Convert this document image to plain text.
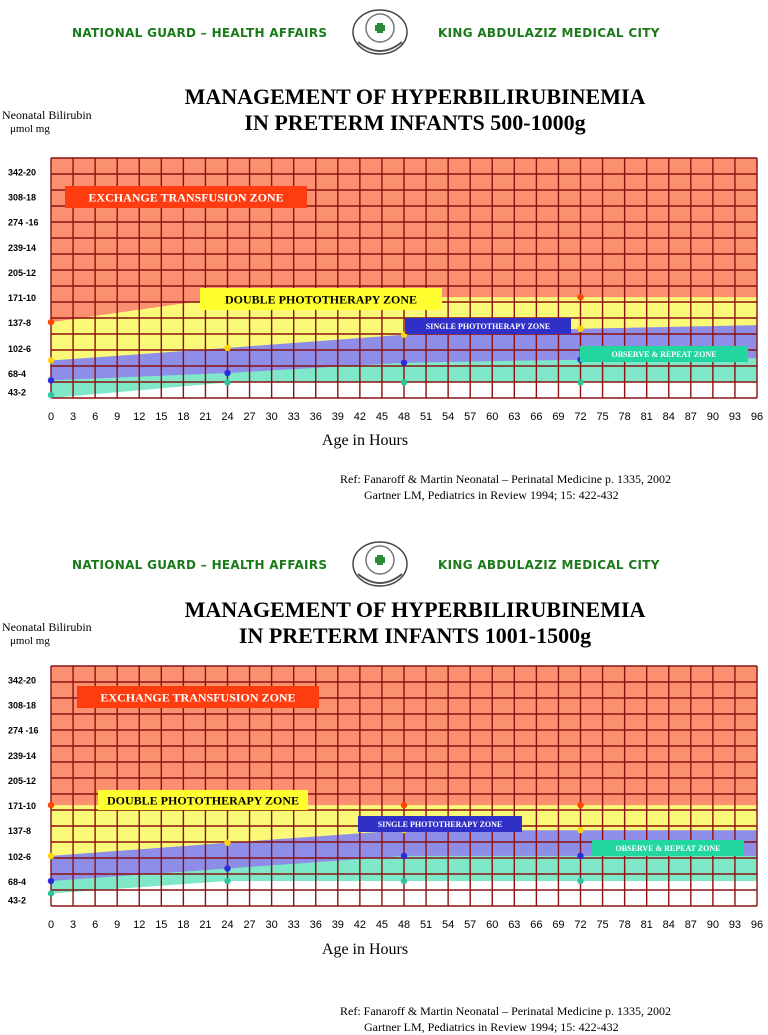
NATIONAL GUARD – HEALTH AFFAIRS	KING ABDULAZIZ MEDICAL CITY
MANAGEMENT OF HYPERBILIRUBINEMIA
IN PRETERM INFANTS 500-1000g
Neonatal Bilirubin
μmol mg
43-2
68-4
102-6
137-8
171-10
205-12
239-14
274 -16
308-18
342-20
0 3 6 9 12 15 18 21 24 27 30 33 36 39 42 45 48 51 54 57 60 63 66 69 72 75 78 81 84 87 90 93 96
EXCHANGE TRANSFUSION ZONE
DOUBLE PHOTOTHERAPY ZONE
SINGLE PHOTOTHERAPY ZONE
OBSERVE & REPEAT ZONE
Age in Hours
Ref: Fanaroff & Martin Neonatal – Perinatal Medicine p. 1335, 2002
Gartner LM, Pediatrics in Review 1994; 15: 422-432
NATIONAL GUARD – HEALTH AFFAIRS	KING ABDULAZIZ MEDICAL CITY
MANAGEMENT OF HYPERBILIRUBINEMIA
IN PRETERM INFANTS 1001-1500g
Neonatal Bilirubin
μmol mg
43-2
68-4
102-6
137-8
171-10
205-12
239-14
274 -16
308-18
342-20
0 3 6 9 12 15 18 21 24 27 30 33 36 39 42 45 48 51 54 57 60 63 66 69 72 75 78 81 84 87 90 93 96
EXCHANGE TRANSFUSION ZONE
DOUBLE PHOTOTHERAPY ZONE
SINGLE PHOTOTHERAPY ZONE
OBSERVE & REPEAT ZONE
Age in Hours
Ref: Fanaroff & Martin Neonatal – Perinatal Medicine p. 1335, 2002
Gartner LM, Pediatrics in Review 1994; 15: 422-432
